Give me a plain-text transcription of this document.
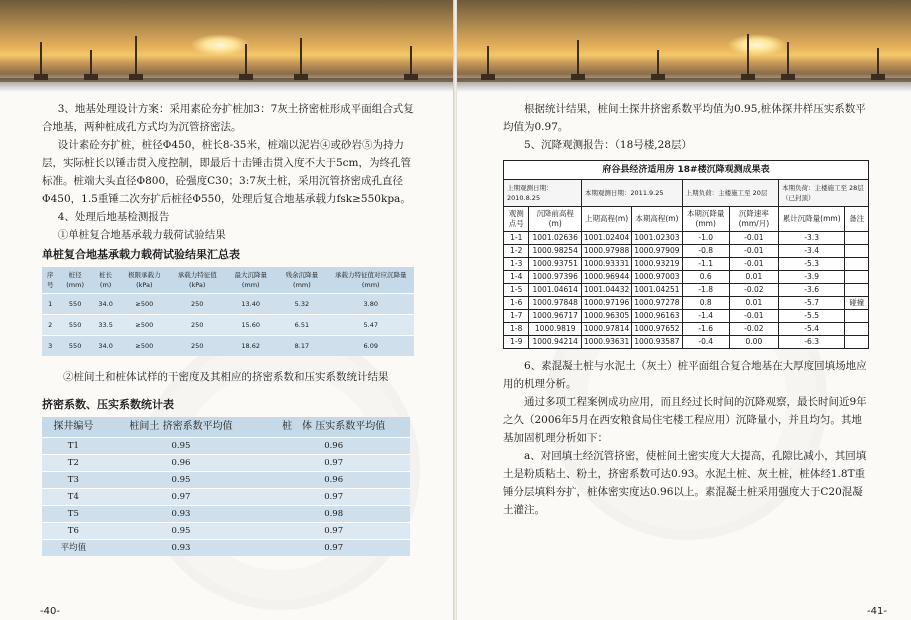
3、地基处理设计方案：采用素砼夯扩桩加3：7灰土挤密桩形成平面组合式复合地基，两种桩成孔方式均为沉管挤密法。

设计素砼夯扩桩，桩径Φ450，桩长8-35米，桩端以泥岩④或砂岩⑤为持力层，实际桩长以锤击贯入度控制，即最后十击锤击贯入度不大于5cm，为终孔管标准。桩端大头直径Φ800，砼强度C30；3:7灰土桩，采用沉管挤密成孔直径Φ450，1.5重锤二次夯扩后桩径Φ550，处理后复合地基承载力fsk≥550kpa。

4、处理后地基检测报告

①单桩复合地基承载力载荷试验结果

单桩复合地基承载力载荷试验结果汇总表
序号	桩径(mm)	桩长(m)	极限承载力(kPa)	承载力特征值(kPa)	最大沉降量(mm)	残余沉降量(mm)	承载力特征值对应沉降量(mm)
1	550	34.0	≥500	250	13.40	5.32	3.80
2	550	33.5	≥500	250	15.60	6.51	5.47
3	550	34.0	≥500	250	18.62	8.17	6.09

②桩间土和桩体试样的干密度及其相应的挤密系数和压实系数统计结果

挤密系数、压实系数统计表
探井编号	桩间土 挤密系数平均值	桩　体 压实系数平均值
T1	0.95	0.96
T2	0.96	0.97
T3	0.95	0.96
T4	0.97	0.97
T5	0.93	0.98
T6	0.95	0.97
平均值	0.93	0.97
-40-

根据统计结果，桩间土探井挤密系数平均值为0.95,桩体探井样压实系数平均值为0.97。

5、沉降观测报告：（18号楼,28层）

府谷县经济适用房 18#楼沉降观测成果表							
上期观测日期：2010.8.25		本期观测日期：2011.9.25		上期负荷：主楼施工至 20层		本期负荷：主楼施工至 28层（已封顶）	
观测点号	沉降前高程(m)	上期高程(m)	本期高程(m)	本期沉降量(mm)	沉降速率(mm/月)	累计沉降量(mm)	备注
1-1	1001.02636	1001.02404	1001.02303	-1.0	-0.01	-3.3	
1-2	1000.98254	1000.97988	1000.97909	-0.8	-0.01	-3.4	
1-3	1000.93751	1000.93331	1000.93219	-1.1	-0.01	-5.3	
1-4	1000.97396	1000.96944	1000.97003	0.6	0.01	-3.9	
1-5	1001.04614	1001.04432	1001.04251	-1.8	-0.02	-3.6	
1-6	1000.97848	1000.97196	1000.97278	0.8	0.01	-5.7	碰撞
1-7	1000.96717	1000.96305	1000.96163	-1.4	-0.01	-5.5	
1-8	1000.9819	1000.97814	1000.97652	-1.6	-0.02	-5.4	
1-9	1000.94214	1000.93631	1000.93587	-0.4	0.00	-6.3	

6、素混凝土桩与水泥土（灰土）桩平面组合复合地基在大厚度回填场地应用的机理分析。

通过多项工程案例成功应用，而且经过长时间的沉降观察，最长时间近9年之久（2006年5月在西安粮食局住宅楼工程应用）沉降量小，并且均匀。其地基加固机理分析如下：

a、对回填土经沉管挤密，使桩间土密实度大大提高，孔隙比减小，其回填土是粉质粘土、粉土，挤密系数可达0.93。水泥土桩、灰土桩，桩体经1.8T重锤分层填料夯扩，桩体密实度达0.96以上。素混凝土桩采用强度大于C20混凝土灌注。

-41-
